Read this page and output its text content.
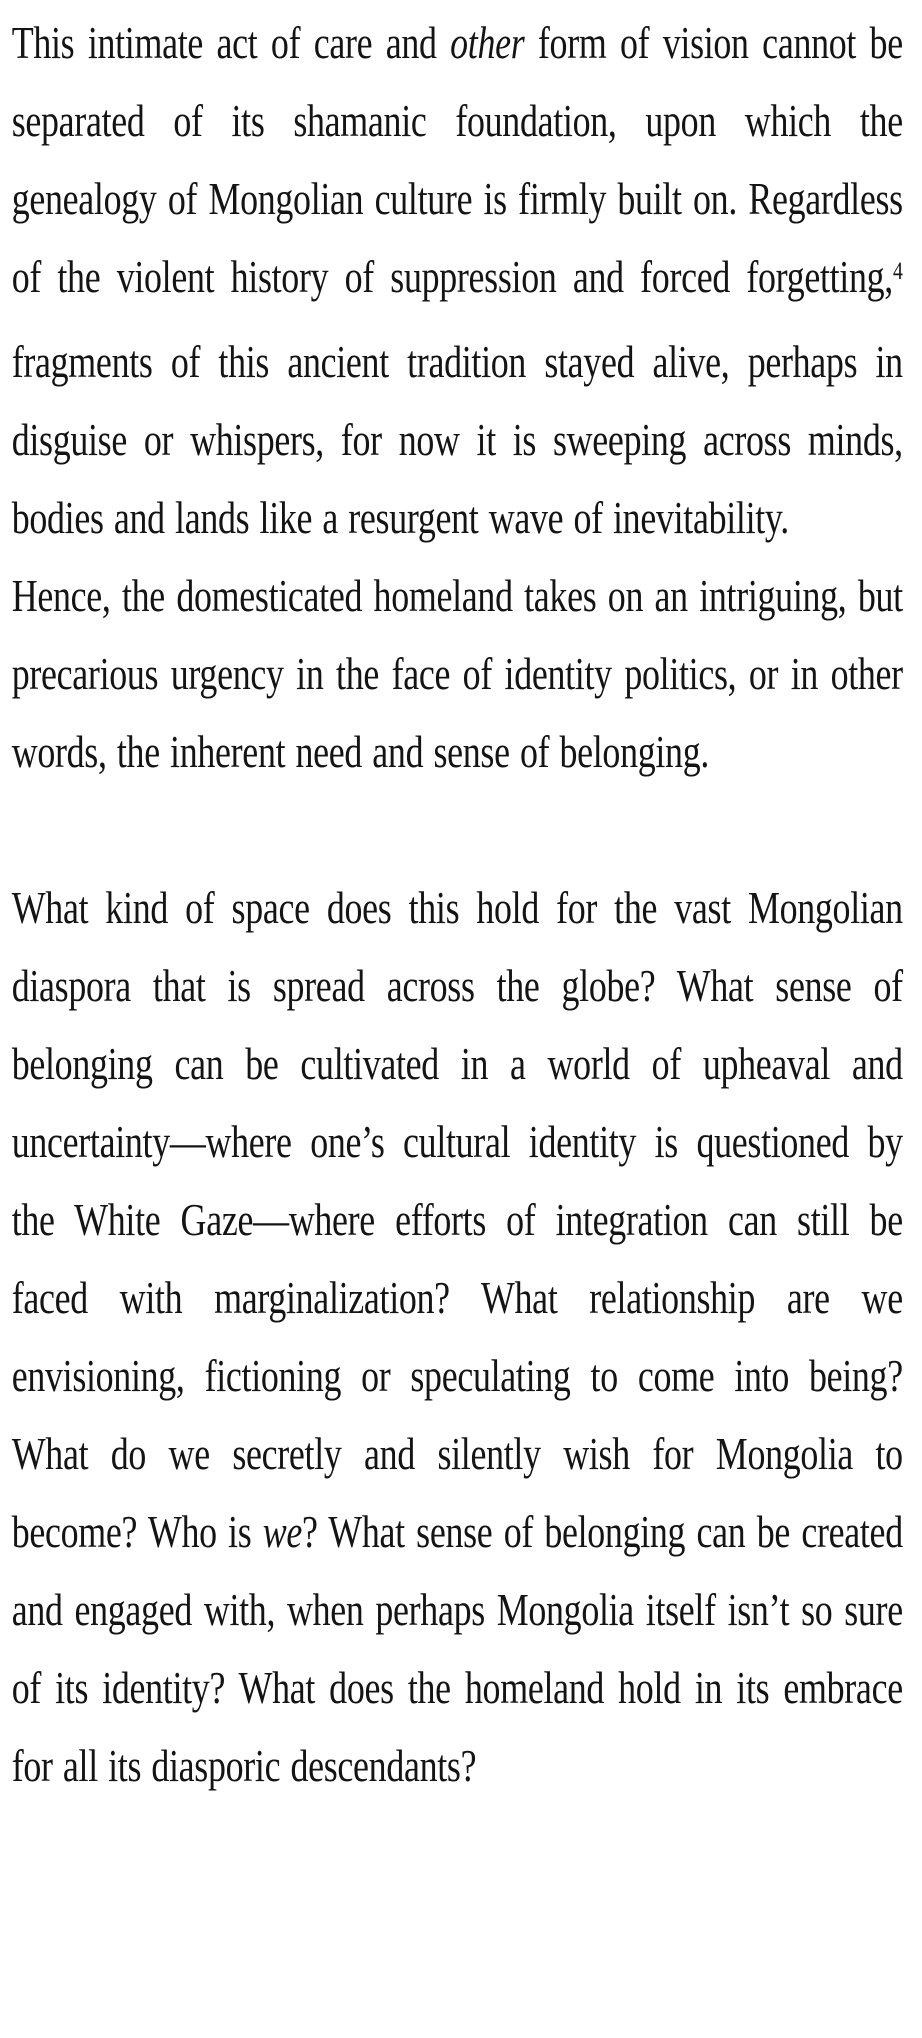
This intimate act of care and other form of vision cannot be separated of its shamanic foundation, upon which the genealogy of Mongolian culture is firmly built on. Regardless of the violent history of suppression and forced forgetting,$^4$ fragments of this ancient tradition stayed alive, perhaps in disguise or whispers, for now it is sweeping across minds, bodies and lands like a resurgent wave of inevitability.

Hence, the domesticated homeland takes on an intriguing, but precarious urgency in the face of identity politics, or in other words, the inherent need and sense of belonging.

What kind of space does this hold for the vast Mongolian diaspora that is spread across the globe? What sense of belonging can be cultivated in a world of upheaval and uncertainty—where one’s cultural identity is questioned by the White Gaze—where efforts of integration can still be faced with marginalization? What relationship are we envisioning, fictioning or speculating to come into being? What do we secretly and silently wish for Mongolia to become? Who is we? What sense of belonging can be created and engaged with, when perhaps Mongolia itself isn’t so sure of its identity? What does the homeland hold in its embrace for all its diasporic descendants?
